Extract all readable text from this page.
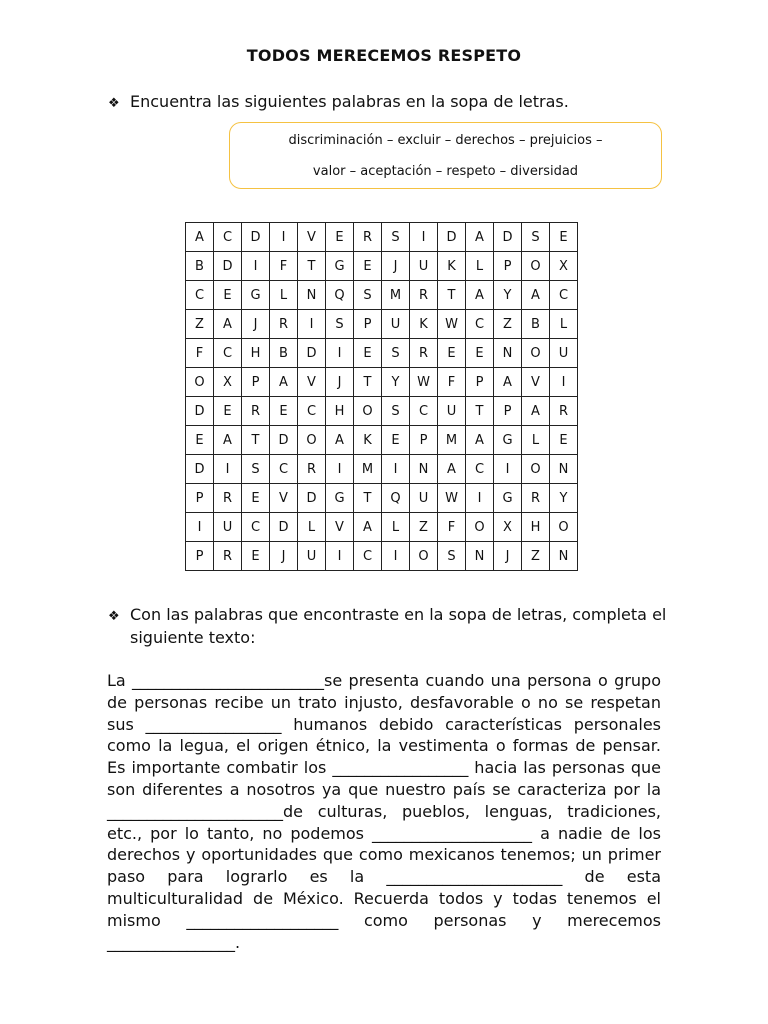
TODOS MERECEMOS RESPETO
❖ Encuentra las siguientes palabras en la sopa de letras.
discriminación – excluir – derechos – prejuicios –
valor – aceptación – respeto – diversidad
A	C	D	I	V	E	R	S	I	D	A	D	S	E
B	D	I	F	T	G	E	J	U	K	L	P	O	X
C	E	G	L	N	Q	S	M	R	T	A	Y	A	C
Z	A	J	R	I	S	P	U	K	W	C	Z	B	L
F	C	H	B	D	I	E	S	R	E	E	N	O	U
O	X	P	A	V	J	T	Y	W	F	P	A	V	I
D	E	R	E	C	H	O	S	C	U	T	P	A	R
E	A	T	D	O	A	K	E	P	M	A	G	L	E
D	I	S	C	R	I	M	I	N	A	C	I	O	N
P	R	E	V	D	G	T	Q	U	W	I	G	R	Y
I	U	C	D	L	V	A	L	Z	F	O	X	H	O
P	R	E	J	U	I	C	I	O	S	N	J	Z	N
❖ Con las palabras que encontraste en la sopa de letras, completa el
siguiente texto:

La ________________________se presenta cuando una persona o grupo de personas recibe un trato injusto, desfavorable o no se respetan sus _________________ humanos debido características personales como la legua, el origen étnico, la vestimenta o formas de pensar. Es importante combatir los _________________ hacia las personas que son diferentes a nosotros ya que nuestro país se caracteriza por la ______________________de culturas, pueblos, lenguas, tradiciones, etc., por lo tanto, no podemos ____________________ a nadie de los derechos y oportunidades que como mexicanos tenemos; un primer paso para lograrlo es la ______________________ de esta multiculturalidad de México. Recuerda todos y todas tenemos el mismo ___________________ como personas y merecemos ________________.
